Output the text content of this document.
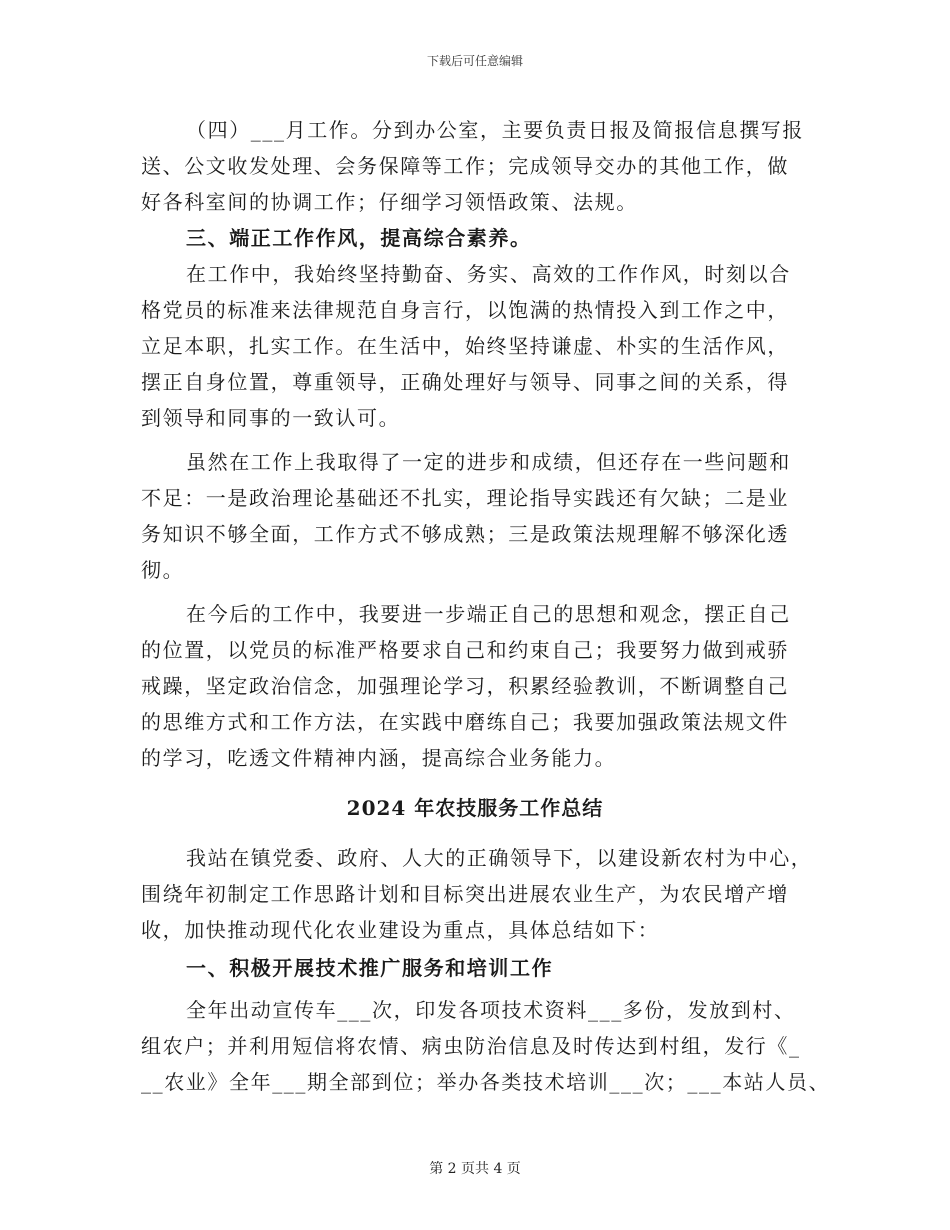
下载后可任意编辑
（四）___月工作。分到办公室，主要负责日报及简报信息撰写报
送、公文收发处理、会务保障等工作；完成领导交办的其他工作，做
好各科室间的协调工作；仔细学习领悟政策、法规。
三、端正工作作风，提高综合素养。
在工作中，我始终坚持勤奋、务实、高效的工作作风，时刻以合
格党员的标准来法律规范自身言行，以饱满的热情投入到工作之中，
立足本职，扎实工作。在生活中，始终坚持谦虚、朴实的生活作风，
摆正自身位置，尊重领导，正确处理好与领导、同事之间的关系，得
到领导和同事的一致认可。
虽然在工作上我取得了一定的进步和成绩，但还存在一些问题和
不足：一是政治理论基础还不扎实，理论指导实践还有欠缺；二是业
务知识不够全面，工作方式不够成熟；三是政策法规理解不够深化透
彻。
在今后的工作中，我要进一步端正自己的思想和观念，摆正自己
的位置，以党员的标准严格要求自己和约束自己；我要努力做到戒骄
戒躁，坚定政治信念，加强理论学习，积累经验教训，不断调整自己
的思维方式和工作方法，在实践中磨练自己；我要加强政策法规文件
的学习，吃透文件精神内涵，提高综合业务能力。
2024 年农技服务工作总结
我站在镇党委、政府、人大的正确领导下，以建设新农村为中心，
围绕年初制定工作思路计划和目标突出进展农业生产，为农民增产增
收，加快推动现代化农业建设为重点，具体总结如下：
一、积极开展技术推广服务和培训工作
全年出动宣传车___次，印发各项技术资料___多份，发放到村、
组农户；并利用短信将农情、病虫防治信息及时传达到村组，发行《_
__农业》全年___期全部到位；举办各类技术培训___次；___本站人员、
第 2 页共 4 页
